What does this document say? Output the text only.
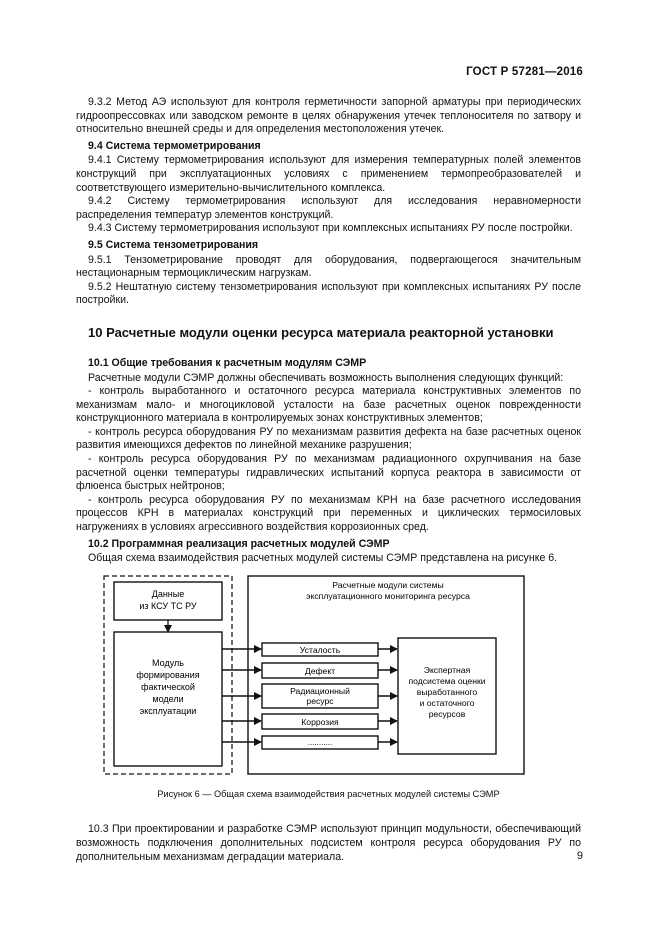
ГОСТ Р 57281—2016

9.3.2 Метод АЭ используют для контроля герметичности запорной арматуры при периодических гидроопрессовках или заводском ремонте в целях обнаружения утечек теплоносителя по затвору и относительно внешней среды и для определения местоположения утечек.

9.4 Система термометрирования

9.4.1 Систему термометрирования используют для измерения температурных полей элементов конструкций при эксплуатационных условиях с применением термопреобразователей и соответствующего измерительно-вычислительного комплекса.

9.4.2 Систему термометрирования используют для исследования неравномерности распределения температур элементов конструкций.

9.4.3 Систему термометрирования используют при комплексных испытаниях РУ после постройки.

9.5 Система тензометрирования

9.5.1 Тензометрирование проводят для оборудования, подвергающегося значительным нестационарным термоциклическим нагрузкам.

9.5.2 Нештатную систему тензометрирования используют при комплексных испытаниях РУ после постройки.

10 Расчетные модули оценки ресурса материала реакторной установки

10.1 Общие требования к расчетным модулям СЭМР

Расчетные модули СЭМР должны обеспечивать возможность выполнения следующих функций:

- контроль выработанного и остаточного ресурса материала конструктивных элементов по механизмам мало- и многоцикловой усталости на базе расчетных оценок поврежденности конструкционного материала в контролируемых зонах конструктивных элементов;

- контроль ресурса оборудования РУ по механизмам развития дефекта на базе расчетных оценок развития имеющихся дефектов по линейной механике разрушения;

- контроль ресурса оборудования РУ по механизмам радиационного охрупчивания на базе расчетной оценки температуры гидравлических испытаний корпуса реактора в зависимости от флюенса быстрых нейтронов;

- контроль ресурса оборудования РУ по механизмам КРН на базе расчетного исследования процессов КРН в материалах конструкций при переменных и циклических термосиловых нагружениях в условиях агрессивного воздействия коррозионных сред.

10.2 Программная реализация расчетных модулей СЭМР

Общая схема взаимодействия расчетных модулей системы СЭМР представлена на рисунке 6.

Данные
из КСУ ТС РУ
Модуль
формирования
фактической
модели
эксплуатации
Расчетные модули системы
эксплуатационного мониторинга ресурса
Усталость
Дефект
Радиационный
ресурс
Коррозия
...........
Экспертная
подсистема оценки
выработанного
и остаточного
ресурсов

Рисунок 6 — Общая схема взаимодействия расчетных модулей системы СЭМР

10.3 При проектировании и разработке СЭМР используют принцип модульности, обеспечивающий возможность подключения дополнительных подсистем контроля ресурса оборудования РУ по дополнительным механизмам деградации материала.	9
